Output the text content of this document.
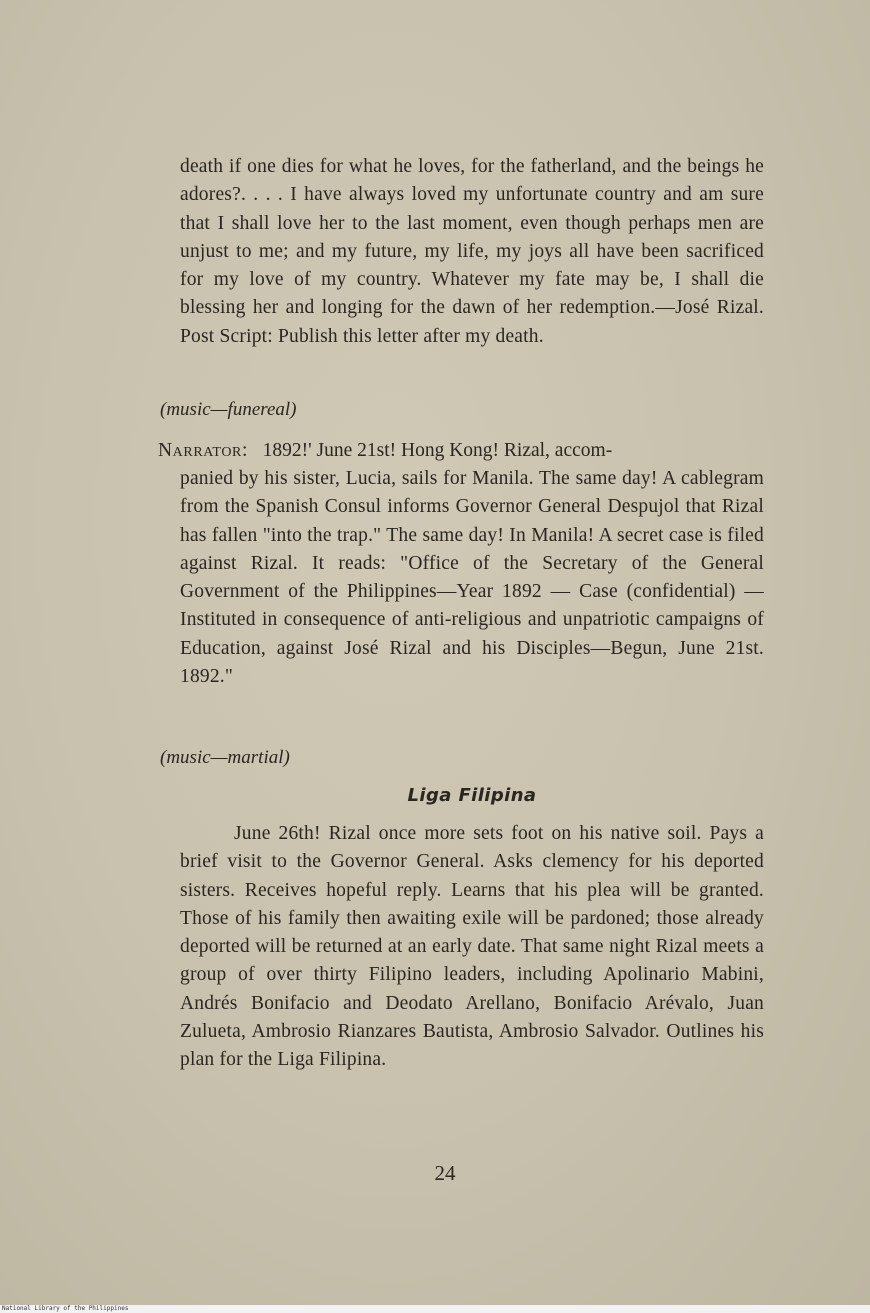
death if one dies for what he loves, for the fatherland, and the beings he adores?. . . . I have always loved my unfortunate country and am sure that I shall love her to the last moment, even though perhaps men are unjust to me; and my future, my life, my joys all have been sacrificed for my love of my country. Whatever my fate may be, I shall die blessing her and longing for the dawn of her redemption.—José Rizal. Post Script: Publish this letter after my death.
(music—funereal)
Narrator: 1892!' June 21st! Hong Kong! Rizal, accom-
panied by his sister, Lucia, sails for Manila. The same day! A cablegram from the Spanish Consul informs Governor General Despujol that Rizal has fallen "into the trap." The same day! In Manila! A secret case is filed against Rizal. It reads: "Office of the Secretary of the General Government of the Philippines—Year 1892 — Case (confidential) — Instituted in consequence of anti-religious and unpatriotic campaigns of Education, against José Rizal and his Disciples—Begun, June 21st. 1892."
(music—martial)
Liga Filipina
June 26th! Rizal once more sets foot on his native soil. Pays a brief visit to the Governor General. Asks clemency for his deported sisters. Receives hopeful reply. Learns that his plea will be granted. Those of his family then awaiting exile will be pardoned; those already deported will be returned at an early date. That same night Rizal meets a group of over thirty Filipino leaders, including Apolinario Mabini, Andrés Bonifacio and Deodato Arellano, Bonifacio Arévalo, Juan Zulueta, Ambrosio Rianzares Bautista, Ambrosio Salvador. Outlines his plan for the Liga Filipina.
24
National Library of the Philippines
